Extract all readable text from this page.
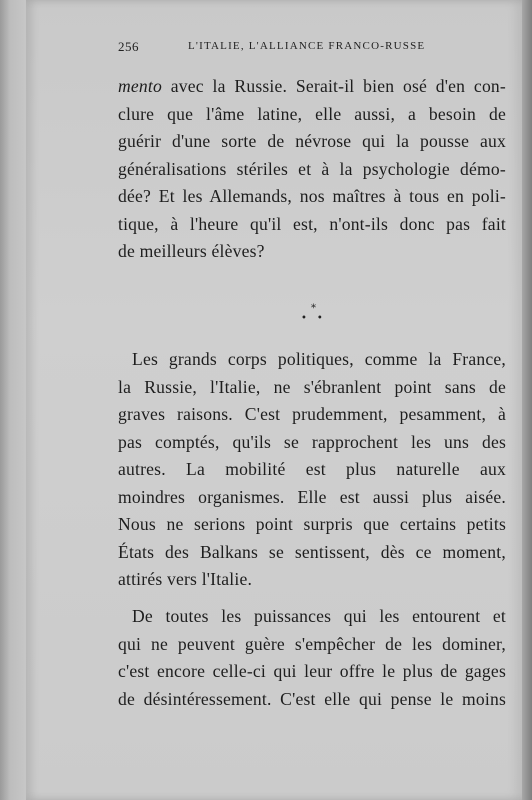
256	L'ITALIE, L'ALLIANCE FRANCO-RUSSE
mento avec la Russie. Serait-il bien osé d'en con-
clure que l'âme latine, elle aussi, a besoin de
guérir d'une sorte de névrose qui la pousse aux
généralisations stériles et à la psychologie démo-
dée? Et les Allemands, nos maîtres à tous en poli-
tique, à l'heure qu'il est, n'ont-ils donc pas fait
de meilleurs élèves?
*
••
Les grands corps politiques, comme la France,
la Russie, l'Italie, ne s'ébranlent point sans de
graves raisons. C'est prudemment, pesamment, à
pas comptés, qu'ils se rapprochent les uns des
autres. La mobilité est plus naturelle aux
moindres organismes. Elle est aussi plus aisée.
Nous ne serions point surpris que certains petits
États des Balkans se sentissent, dès ce moment,
attirés vers l'Italie.
De toutes les puissances qui les entourent et
qui ne peuvent guère s'empêcher de les dominer,
c'est encore celle-ci qui leur offre le plus de gages
de désintéressement. C'est elle qui pense le moins
